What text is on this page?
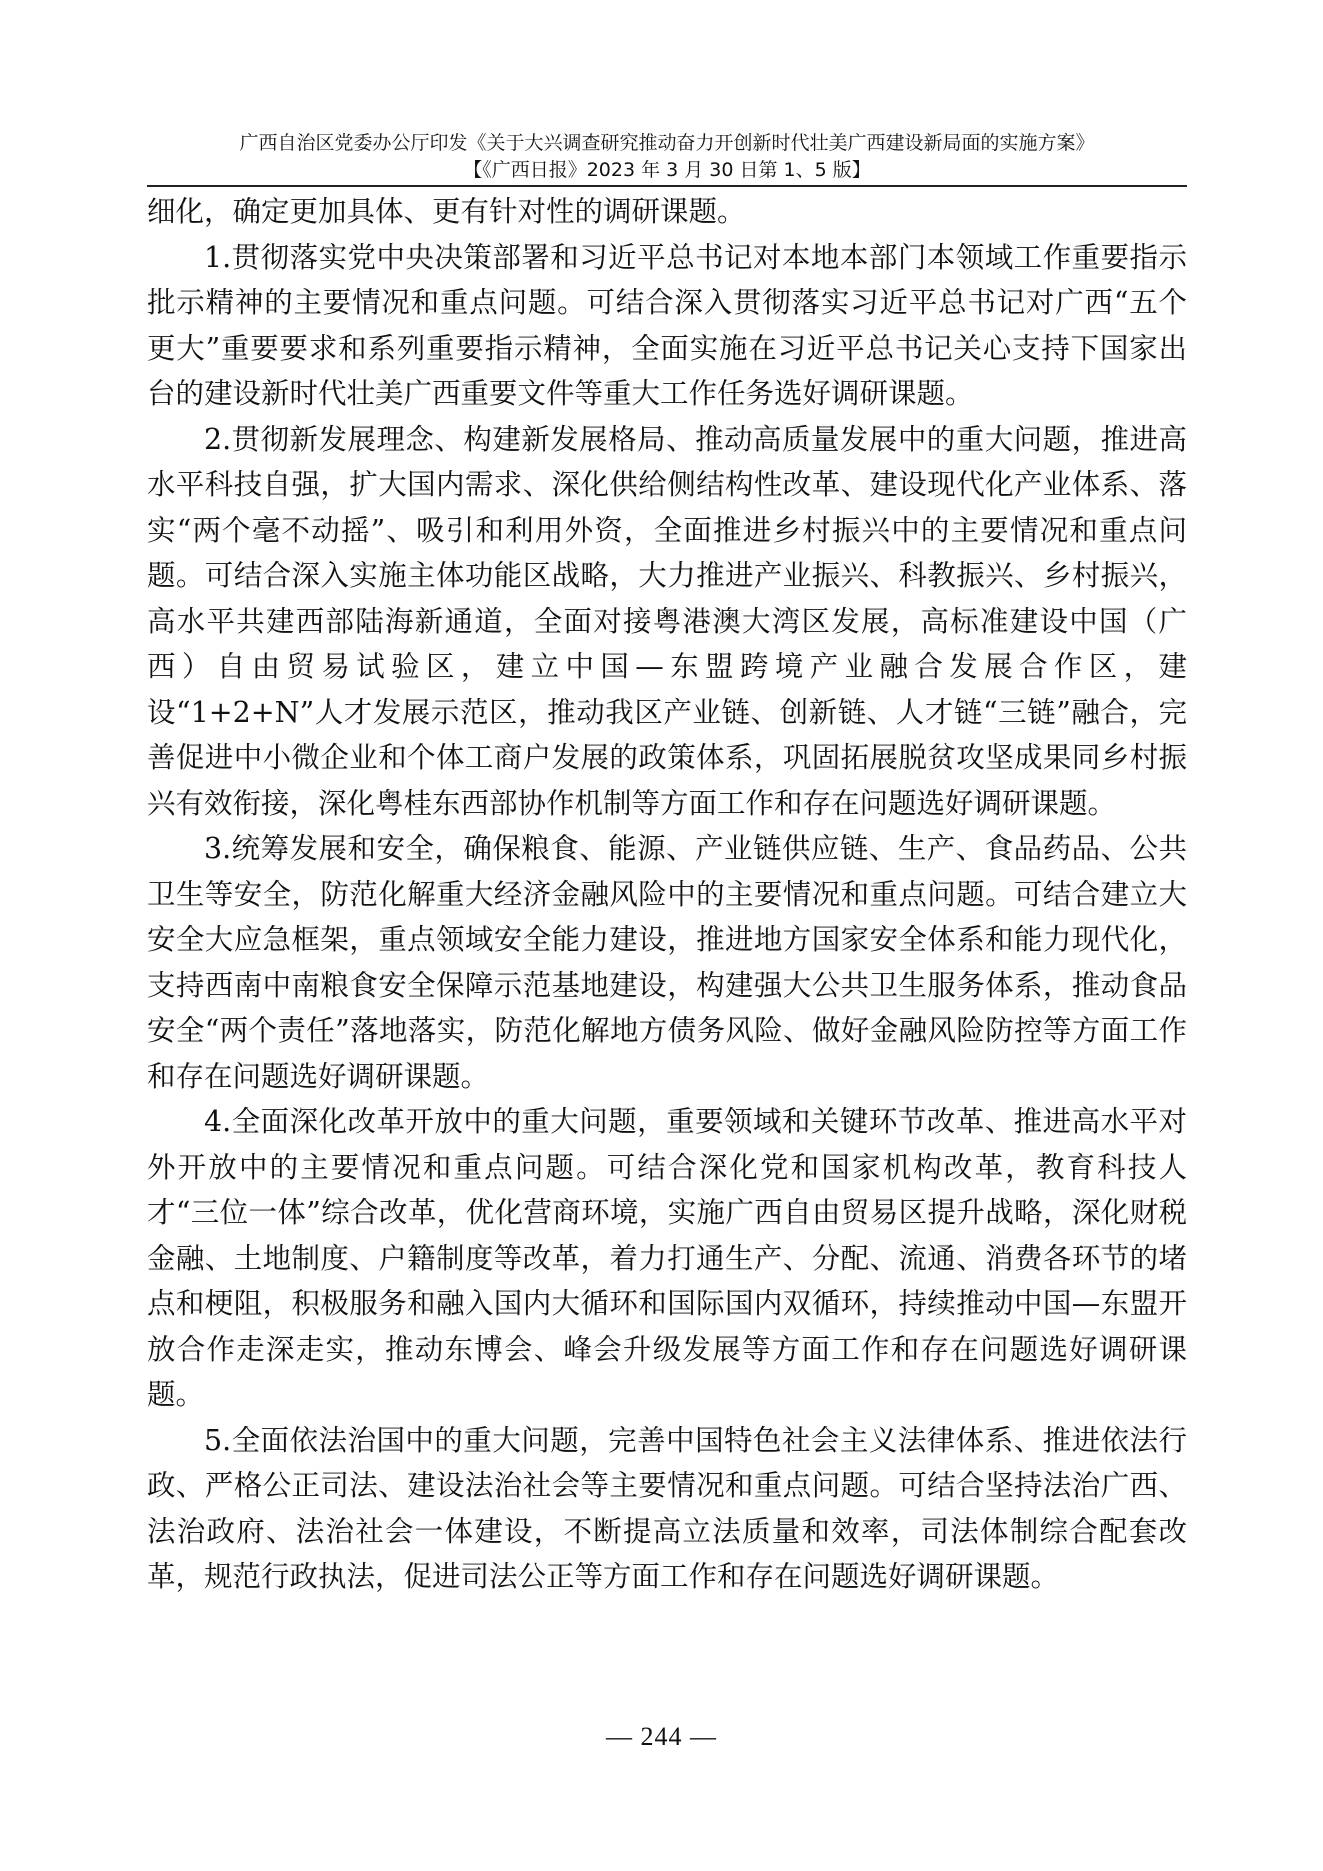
广西自治区党委办公厅印发《关于大兴调查研究推动奋力开创新时代壮美广西建设新局面的实施方案》
【《广西日报》2023 年 3 月 30 日第 1、5 版】

细化，确定更加具体、更有针对性的调研课题。

1.贯彻落实党中央决策部署和习近平总书记对本地本部门本领域工作重要指示批示精神的主要情况和重点问题。可结合深入贯彻落实习近平总书记对广西“五个更大”重要要求和系列重要指示精神，全面实施在习近平总书记关心支持下国家出台的建设新时代壮美广西重要文件等重大工作任务选好调研课题。

2.贯彻新发展理念、构建新发展格局、推动高质量发展中的重大问题，推进高水平科技自强，扩大国内需求、深化供给侧结构性改革、建设现代化产业体系、落实“两个毫不动摇”、吸引和利用外资，全面推进乡村振兴中的主要情况和重点问题。可结合深入实施主体功能区战略，大力推进产业振兴、科教振兴、乡村振兴，高水平共建西部陆海新通道，全面对接粤港澳大湾区发展，高标准建设中国（广西）自由贸易试验区，建立中国—东盟跨境产业融合发展合作区，建设“1+2+N”人才发展示范区，推动我区产业链、创新链、人才链“三链”融合，完善促进中小微企业和个体工商户发展的政策体系，巩固拓展脱贫攻坚成果同乡村振兴有效衔接，深化粤桂东西部协作机制等方面工作和存在问题选好调研课题。

3.统筹发展和安全，确保粮食、能源、产业链供应链、生产、食品药品、公共卫生等安全，防范化解重大经济金融风险中的主要情况和重点问题。可结合建立大安全大应急框架，重点领域安全能力建设，推进地方国家安全体系和能力现代化，支持西南中南粮食安全保障示范基地建设，构建强大公共卫生服务体系，推动食品安全“两个责任”落地落实，防范化解地方债务风险、做好金融风险防控等方面工作和存在问题选好调研课题。

4.全面深化改革开放中的重大问题，重要领域和关键环节改革、推进高水平对外开放中的主要情况和重点问题。可结合深化党和国家机构改革，教育科技人才“三位一体”综合改革，优化营商环境，实施广西自由贸易区提升战略，深化财税金融、土地制度、户籍制度等改革，着力打通生产、分配、流通、消费各环节的堵点和梗阻，积极服务和融入国内大循环和国际国内双循环，持续推动中国—东盟开放合作走深走实，推动东博会、峰会升级发展等方面工作和存在问题选好调研课题。

5.全面依法治国中的重大问题，完善中国特色社会主义法律体系、推进依法行政、严格公正司法、建设法治社会等主要情况和重点问题。可结合坚持法治广西、法治政府、法治社会一体建设，不断提高立法质量和效率，司法体制综合配套改革，规范行政执法，促进司法公正等方面工作和存在问题选好调研课题。

— 244 —
